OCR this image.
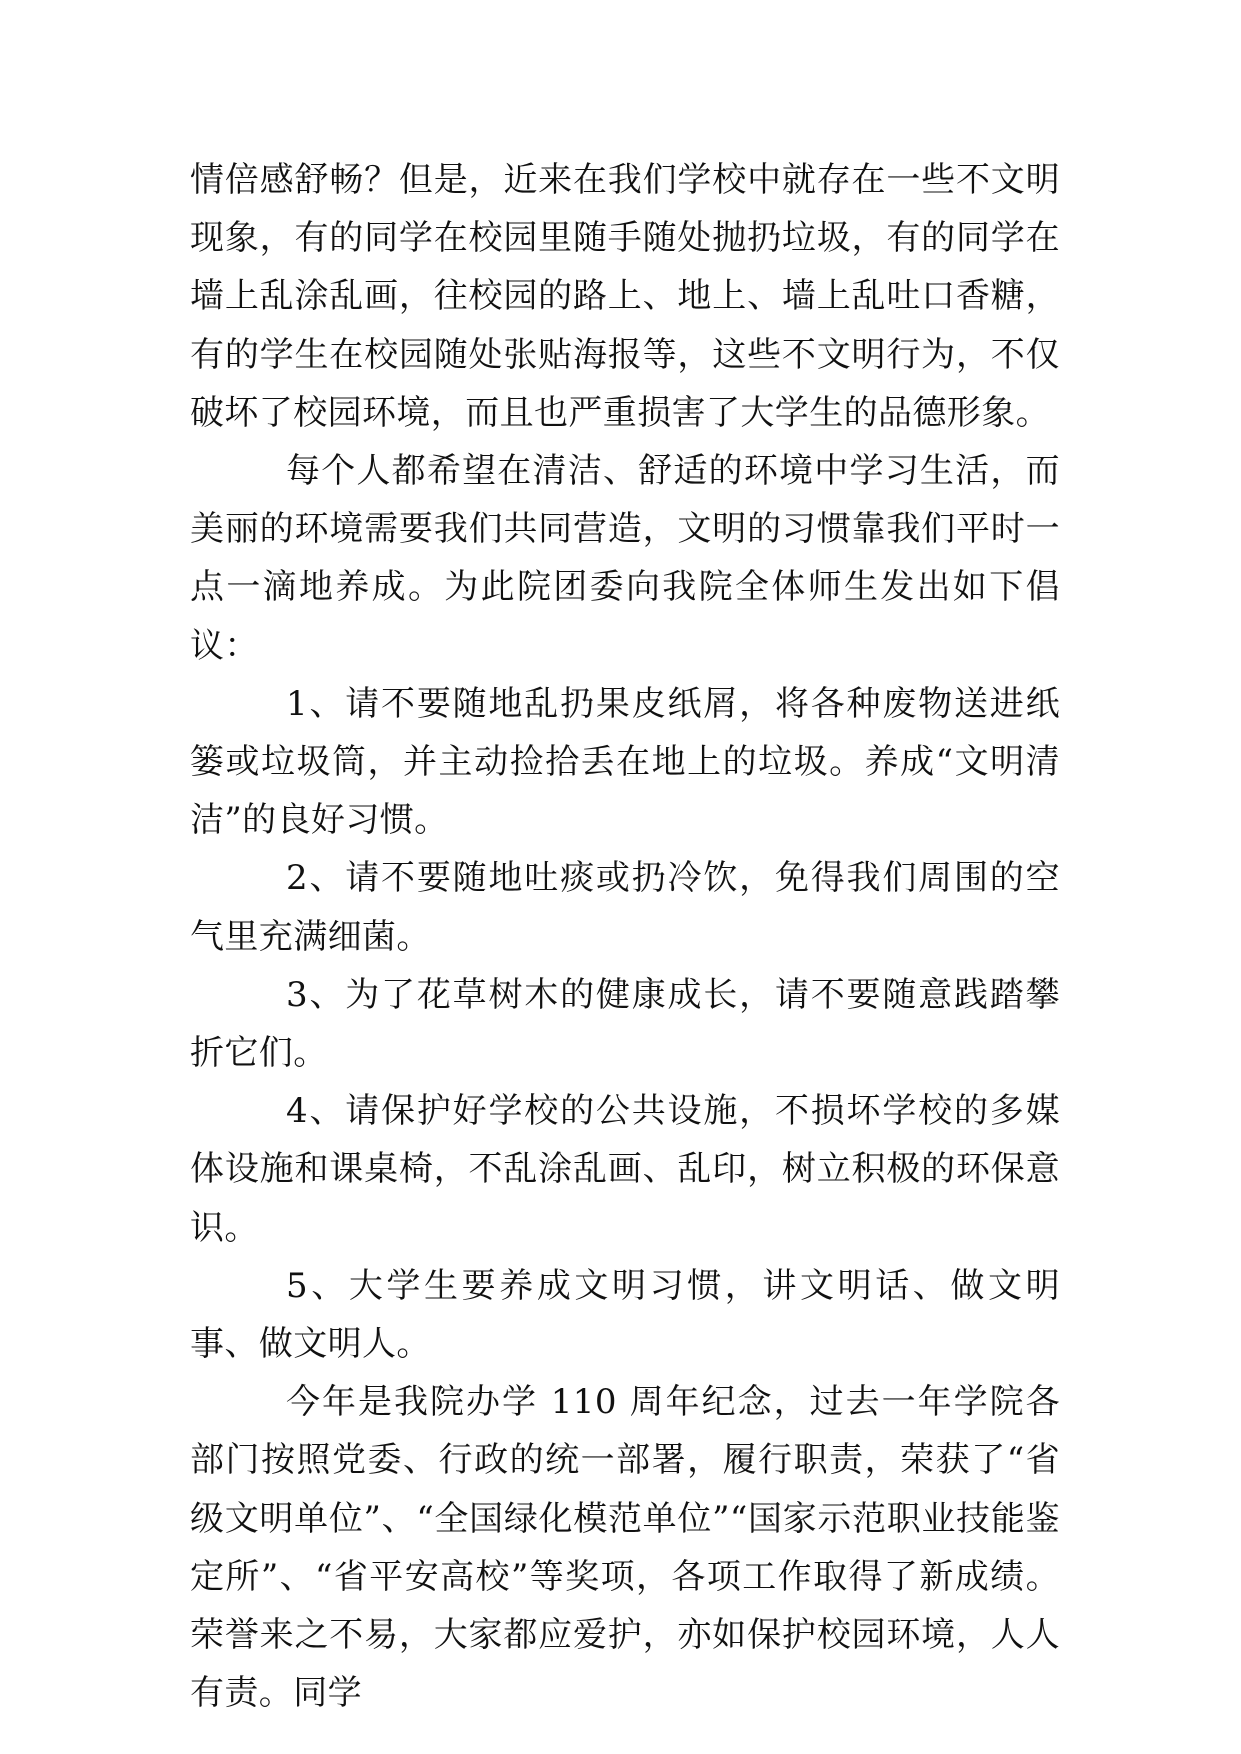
情倍感舒畅？但是，近来在我们学校中就存在一些不文明现象，有的同学在校园里随手随处抛扔垃圾，有的同学在墙上乱涂乱画，往校园的路上、地上、墙上乱吐口香糖，有的学生在校园随处张贴海报等，这些不文明行为，不仅破坏了校园环境，而且也严重损害了大学生的品德形象。

每个人都希望在清洁、舒适的环境中学习生活，而美丽的环境需要我们共同营造，文明的习惯靠我们平时一点一滴地养成。为此院团委向我院全体师生发出如下倡议：

1、请不要随地乱扔果皮纸屑，将各种废物送进纸篓或垃圾筒，并主动捡拾丢在地上的垃圾。养成“文明清洁”的良好习惯。

2、请不要随地吐痰或扔冷饮，免得我们周围的空气里充满细菌。

3、为了花草树木的健康成长，请不要随意践踏攀折它们。

4、请保护好学校的公共设施，不损坏学校的多媒体设施和课桌椅，不乱涂乱画、乱印，树立积极的环保意识。

5、大学生要养成文明习惯，讲文明话、做文明事、做文明人。

今年是我院办学 110 周年纪念，过去一年学院各部门按照党委、行政的统一部署，履行职责，荣获了“省级文明单位”、“全国绿化模范单位”“国家示范职业技能鉴定所”、“省平安高校”等奖项，各项工作取得了新成绩。荣誉来之不易，大家都应爱护，亦如保护校园环境，人人有责。同学
